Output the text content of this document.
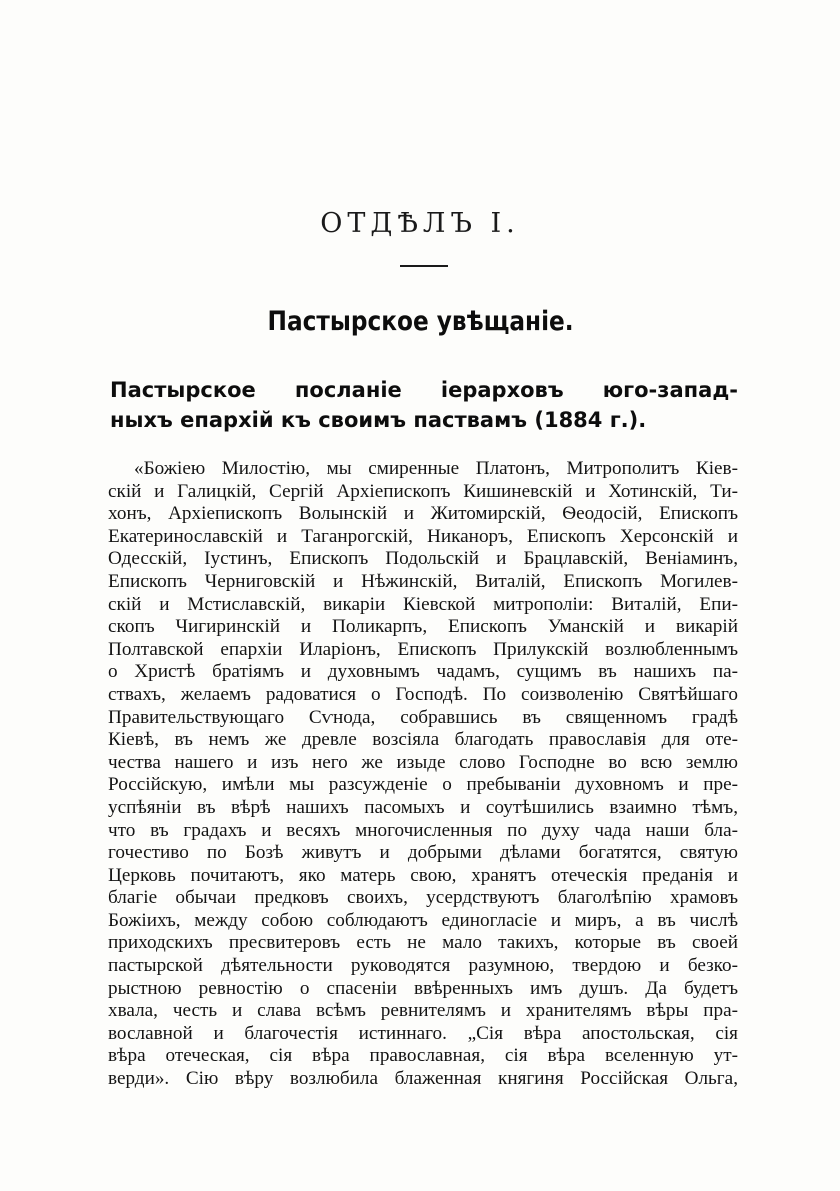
ОТДѢЛЪ I.
Пастырское увѣщаніе.
Пастырское посланіе іерарховъ юго-запад-
ныхъ епархій къ своимъ паствамъ (1884 г.).
«Божіею Милостію, мы смиренные Платонъ, Митрополитъ Кіев-
скій и Галицкій, Сергій Архіепископъ Кишиневскій и Хотинскій, Ти-
хонъ, Архіепископъ Волынскій и Житомирскій, Ѳеодосій, Епископъ
Екатеринославскій и Таганрогскій, Никаноръ, Епископъ Херсонскій и
Одесскій, Іустинъ, Епископъ Подольскій и Брацлавскій, Веніаминъ,
Епископъ Черниговскій и Нѣжинскій, Виталій, Епископъ Могилев-
скій и Мстиславскій, викаріи Кіевской митрополіи: Виталій, Епи-
скопъ Чигиринскій и Поликарпъ, Епископъ Уманскій и викарій
Полтавской епархіи Иларіонъ, Епископъ Прилукскій возлюбленнымъ
о Христѣ братіямъ и духовнымъ чадамъ, сущимъ въ нашихъ па-
ствахъ, желаемъ радоватися о Господѣ. По соизволенію Святѣйшаго
Правительствующаго Сѵнода, собравшись въ священномъ градѣ
Кіевѣ, въ немъ же древле возсіяла благодать православія для оте-
чества нашего и изъ него же изыде слово Господне во всю землю
Россійскую, имѣли мы разсужденіе о пребываніи духовномъ и пре-
успѣяніи въ вѣрѣ нашихъ пасомыхъ и соутѣшились взаимно тѣмъ,
что въ градахъ и весяхъ многочисленныя по духу чада наши бла-
гочестиво по Бозѣ живутъ и добрыми дѣлами богатятся, святую
Церковь почитаютъ, яко матерь свою, хранятъ отеческія преданія и
благіе обычаи предковъ своихъ, усердствуютъ благолѣпію храмовъ
Божіихъ, между собою соблюдаютъ единогласіе и миръ, а въ числѣ
приходскихъ пресвитеровъ есть не мало такихъ, которые въ своей
пастырской дѣятельности руководятся разумною, твердою и безко-
рыстною ревностію о спасеніи ввѣренныхъ имъ душъ. Да будетъ
хвала, честь и слава всѣмъ ревнителямъ и хранителямъ вѣры пра-
вославной и благочестія истиннаго. „Сія вѣра апостольская, сія
вѣра отеческая, сія вѣра православная, сія вѣра вселенную ут-
верди». Сію вѣру возлюбила блаженная княгиня Россійская Ольга,
